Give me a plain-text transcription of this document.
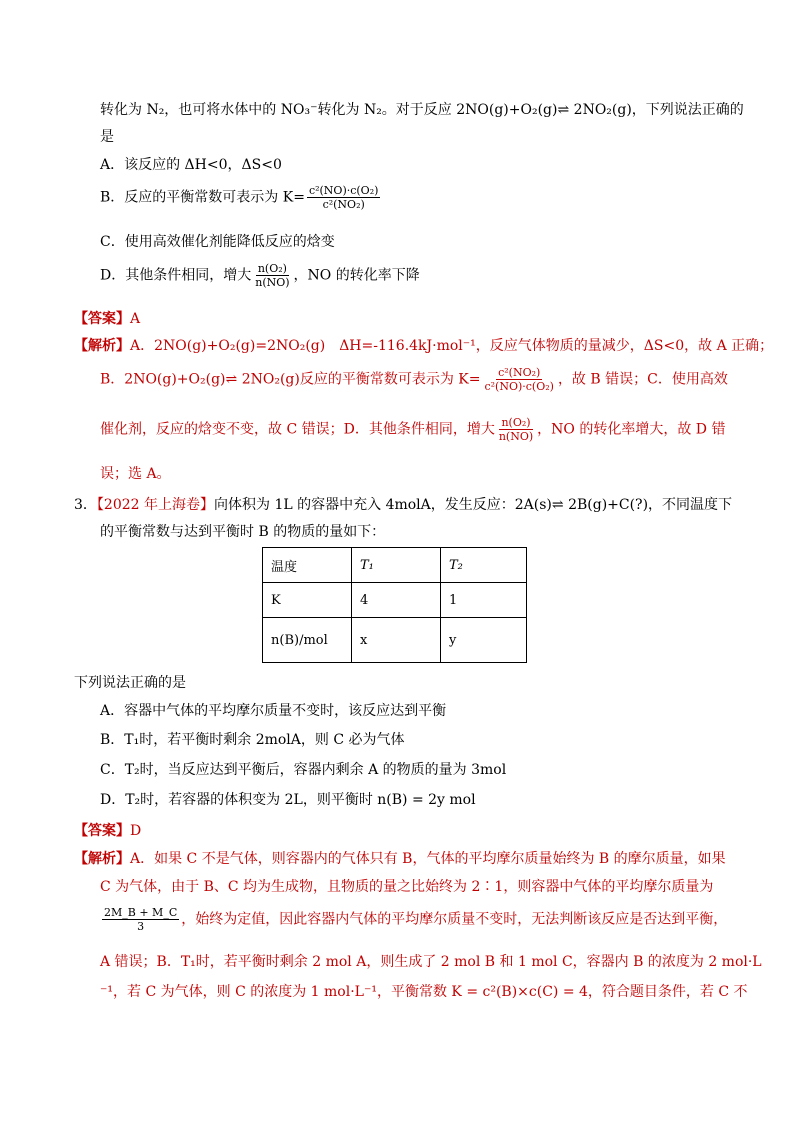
转化为 N₂，也可将水体中的 NO₃⁻转化为 N₂。对于反应 2NO(g)+O₂(g)⇌ 2NO₂(g)，下列说法正确的
是
A．该反应的 ΔH<0，ΔS<0
B．反应的平衡常数可表示为 $K= \frac{\text{c²(NO)·c(O₂)}}{\text{c²(NO₂)}}$
C．使用高效催化剂能降低反应的焓变
D．其他条件相同，增大 $\frac{\text{n(O₂)}}{n(NO)}$ ，NO 的转化率下降
【答案】A
【解析】A．2NO(g)+O₂(g)=2NO₂(g)　ΔH=-116.4kJ·mol⁻¹，反应气体物质的量减少，ΔS<0，故 A 正确；
B．2NO(g)+O₂(g)⇌ 2NO₂(g)反应的平衡常数可表示为 $K= \frac{\text{c²(NO₂)}}{\text{c²(NO)·c(O₂)}}$ ，故 B 错误；C．使用高效
催化剂，反应的焓变不变，故 C 错误；D．其他条件相同，增大 $\frac{\text{n(O₂)}}{n(NO)}$ ，NO 的转化率增大，故 D 错
误；选 A。
3．【2022 年上海卷】向体积为 1L 的容器中充入 4molA，发生反应：2A(s)⇌ 2B(g)+C(?)，不同温度下
的平衡常数与达到平衡时 B 的物质的量如下：
温度	T₁	T₂
K	4	1
n(B)/mol	x	y
下列说法正确的是
A．容器中气体的平均摩尔质量不变时，该反应达到平衡
B．T₁时，若平衡时剩余 2molA，则 C 必为气体
C．T₂时，当反应达到平衡后，容器内剩余 A 的物质的量为 3mol
D．T₂时，若容器的体积变为 2L，则平衡时 n(B) = 2y mol
【答案】D
【解析】A．如果 C 不是气体，则容器内的气体只有 B，气体的平均摩尔质量始终为 B 的摩尔质量，如果
C 为气体，由于 B、C 均为生成物，且物质的量之比始终为 2∶1，则容器中气体的平均摩尔质量为
$\frac{2M\_B + M\_C}{3}$ ，始终为定值，因此容器内气体的平均摩尔质量不变时，无法判断该反应是否达到平衡，
A 错误；B．T₁时，若平衡时剩余 2 mol A，则生成了 2 mol B 和 1 mol C，容器内 B 的浓度为 2 mol·L
⁻¹，若 C 为气体，则 C 的浓度为 1 mol·L⁻¹，平衡常数 K = c²(B)×c(C) = 4，符合题目条件，若 C 不
